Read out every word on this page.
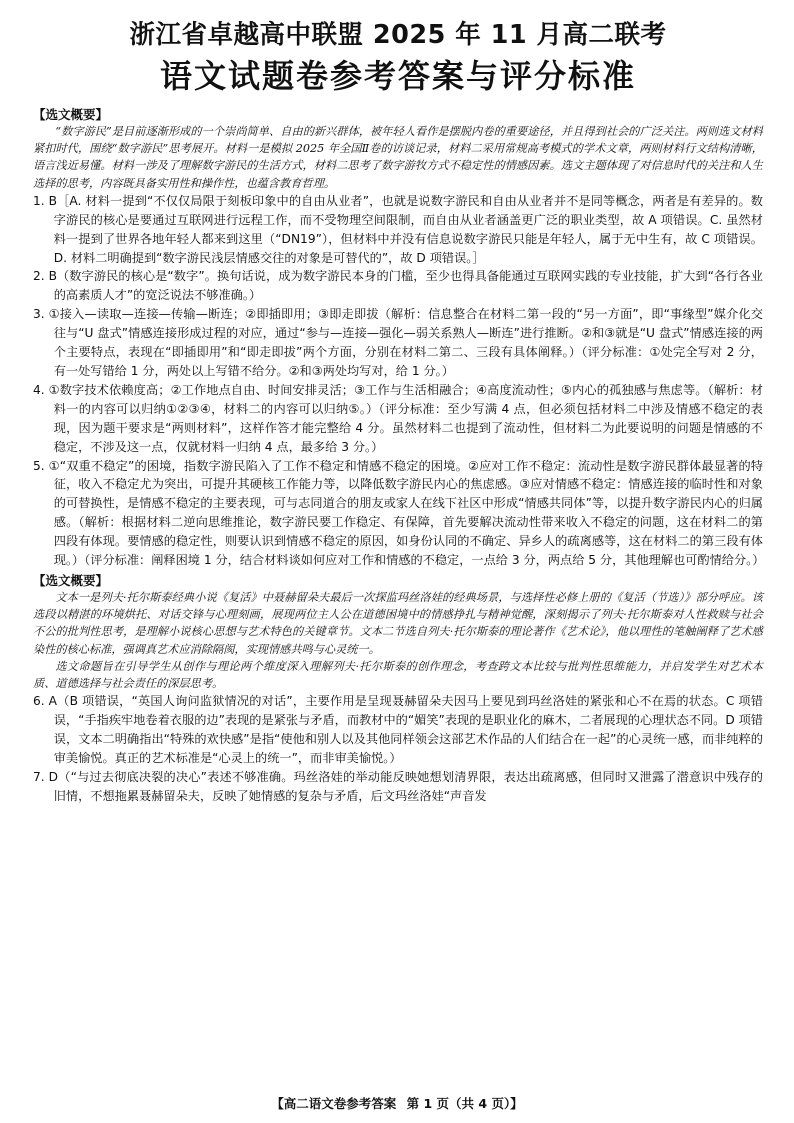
浙江省卓越高中联盟 2025 年 11 月高二联考
语文试题卷参考答案与评分标准
【选文概要】

“数字游民”是目前逐渐形成的一个崇尚简单、自由的新兴群体，被年轻人看作是摆脱内卷的重要途径，并且得到社会的广泛关注。两则选文材料紧扣时代，围绕“数字游民”思考展开。材料一是模拟 2025 年全国Ⅱ卷的访谈记录，材料二采用常规高考模式的学术文章，两则材料行文结构清晰，语言浅近易懂。材料一涉及了理解数字游民的生活方式，材料二思考了数字游牧方式不稳定性的情感因素。选文主题体现了对信息时代的关注和人生选择的思考，内容既具备实用性和操作性，也蕴含教育哲理。

1. B［A. 材料一提到“不仅仅局限于刻板印象中的自由从业者”，也就是说数字游民和自由从业者并不是同等概念，两者是有差异的。数字游民的核心是要通过互联网进行远程工作，而不受物理空间限制，而自由从业者涵盖更广泛的职业类型，故 A 项错误。C. 虽然材料一提到了世界各地年轻人都来到这里（“DN19”），但材料中并没有信息说数字游民只能是年轻人，属于无中生有，故 C 项错误。D. 材料二明确提到“数字游民浅层情感交往的对象是可替代的”，故 D 项错误。］

2. B（数字游民的核心是“数字”。换句话说，成为数字游民本身的门槛，至少也得具备能通过互联网实践的专业技能，扩大到“各行各业的高素质人才”的宽泛说法不够准确。）

3. ①接入—读取—连接—传输—断连；②即插即用；③即走即拔（解析：信息整合在材料二第一段的“另一方面”，即“事缘型”媒介化交往与“U 盘式”情感连接形成过程的对应，通过“参与—连接—强化—弱关系熟人—断连”进行推断。②和③就是“U 盘式”情感连接的两个主要特点，表现在“即插即用”和“即走即拔”两个方面，分别在材料二第二、三段有具体阐释。）（评分标准：①处完全写对 2 分，有一处写错给 1 分，两处以上写错不给分。②和③两处均写对，给 1 分。）

4. ①数字技术依赖度高；②工作地点自由、时间安排灵活；③工作与生活相融合；④高度流动性；⑤内心的孤独感与焦虑等。（解析：材料一的内容可以归纳①②③④，材料二的内容可以归纳⑤。）（评分标准：至少写满 4 点，但必须包括材料二中涉及情感不稳定的表现，因为题干要求是“两则材料”，这样作答才能完整给 4 分。虽然材料二也提到了流动性，但材料二为此要说明的问题是情感的不稳定，不涉及这一点，仅就材料一归纳 4 点，最多给 3 分。）

5. ①“双重不稳定”的困境，指数字游民陷入了工作不稳定和情感不稳定的困境。②应对工作不稳定：流动性是数字游民群体最显著的特征，收入不稳定尤为突出，可提升其硬核工作能力等，以降低数字游民内心的焦虑感。③应对情感不稳定：情感连接的临时性和对象的可替换性，是情感不稳定的主要表现，可与志同道合的朋友或家人在线下社区中形成“情感共同体”等，以提升数字游民内心的归属感。（解析：根据材料二逆向思维推论，数字游民要工作稳定、有保障，首先要解决流动性带来收入不稳定的问题，这在材料二的第四段有体现。要情感的稳定性，则要认识到情感不稳定的原因，如身份认同的不确定、异乡人的疏离感等，这在材料二的第三段有体现。）（评分标准：阐释困境 1 分，结合材料谈如何应对工作和情感的不稳定，一点给 3 分，两点给 5 分，其他理解也可酌情给分。）

【选文概要】

文本一是列夫·托尔斯泰经典小说《复活》中聂赫留朵夫最后一次探监玛丝洛娃的经典场景，与选择性必修上册的《复活（节选）》部分呼应。该选段以精湛的环境烘托、对话交锋与心理刻画，展现两位主人公在道德困境中的情感挣扎与精神觉醒，深刻揭示了列夫·托尔斯泰对人性救赎与社会不公的批判性思考，是理解小说核心思想与艺术特色的关键章节。文本二节选自列夫·托尔斯泰的理论著作《艺术论》，他以理性的笔触阐释了艺术感染性的核心标准，强调真艺术应消除隔阂，实现情感共鸣与心灵统一。

选文命题旨在引导学生从创作与理论两个维度深入理解列夫·托尔斯泰的创作理念，考查跨文本比较与批判性思维能力，并启发学生对艺术本质、道德选择与社会责任的深层思考。

6. A（B 项错误，“英国人询问监狱情况的对话”，主要作用是呈现聂赫留朵夫因马上要见到玛丝洛娃的紧张和心不在焉的状态。C 项错误，“手指疾牢地卷着衣服的边”表现的是紧张与矛盾，而教材中的“媚笑”表现的是职业化的麻木，二者展现的心理状态不同。D 项错误，文本二明确指出“特殊的欢快感”是指“使他和别人以及其他同样领会这部艺术作品的人们结合在一起”的心灵统一感，而非纯粹的审美愉悦。真正的艺术标准是“心灵上的统一”，而非审美愉悦。）

7. D（“与过去彻底决裂的决心”表述不够准确。玛丝洛娃的举动能反映她想划清界限，表达出疏离感，但同时又泄露了潜意识中残存的旧情，不想拖累聂赫留朵夫，反映了她情感的复杂与矛盾，后文玛丝洛娃“声音发

【高二语文卷参考答案 第 1 页（共 4 页）】
